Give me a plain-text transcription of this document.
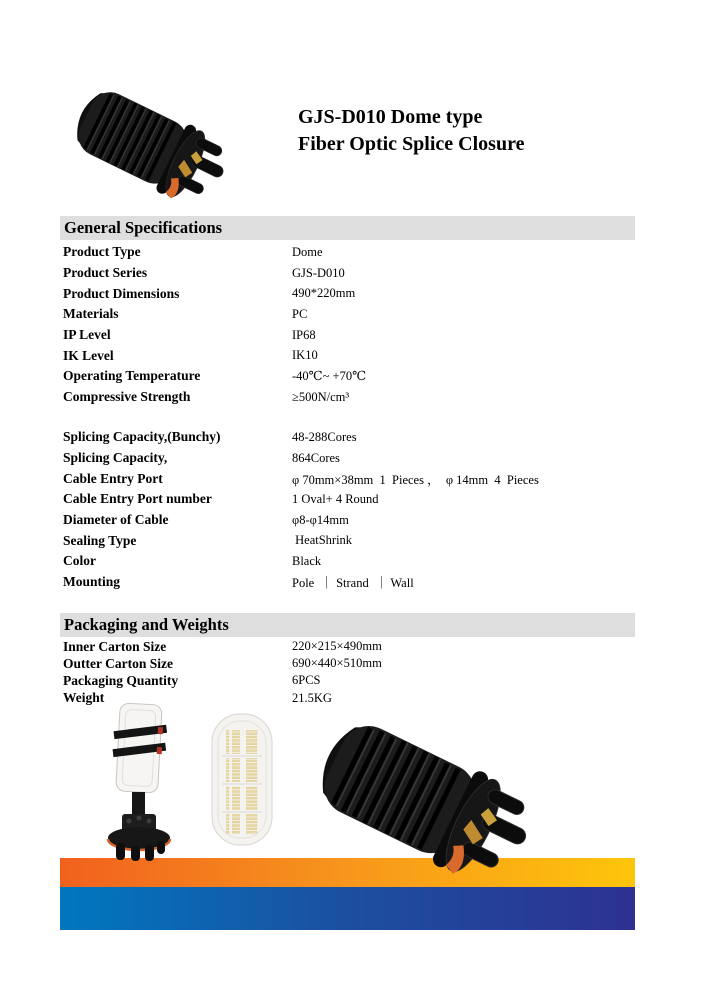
GJS-D010 Dome type
Fiber Optic Splice Closure
General Specifications
Product Type	Dome
Product Series	GJS-D010
Product Dimensions	490*220mm
Materials	PC
IP Level	IP68
IK Level	IK10
Operating Temperature	-40℃~ +70℃
Compressive Strength	≥500N/cm³
Splicing Capacity,(Bunchy)	48-288Cores
Splicing Capacity,	864Cores
Cable Entry Port	φ 70mm×38mm  1  Pieces ，  φ 14mm  4  Pieces
Cable Entry Port number	1 Oval+ 4 Round
Diameter of Cable	φ8-φ14mm
Sealing Type	HeatShrink
Color	Black
Mounting	Pole  ｜ Strand  ｜ Wall
Packaging and Weights
Inner Carton Size	220×215×490mm
Outter Carton Size	690×440×510mm
Packaging Quantity	6PCS
Weight	21.5KG
